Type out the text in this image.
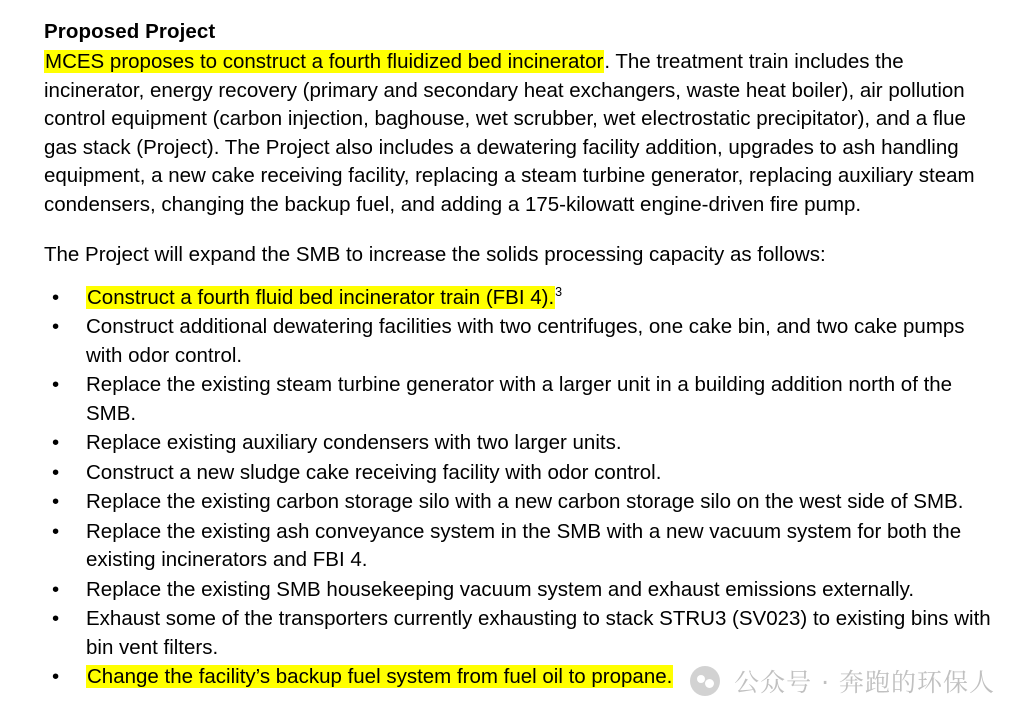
Proposed Project

MCES proposes to construct a fourth fluidized bed incinerator. The treatment train includes the incinerator, energy recovery (primary and secondary heat exchangers, waste heat boiler), air pollution control equipment (carbon injection, baghouse, wet scrubber, wet electrostatic precipitator), and a flue gas stack (Project). The Project also includes a dewatering facility addition, upgrades to ash handling equipment, a new cake receiving facility, replacing a steam turbine generator, replacing auxiliary steam condensers, changing the backup fuel, and adding a 175-kilowatt engine-driven fire pump.

The Project will expand the SMB to increase the solids processing capacity as follows:

• Construct a fourth fluid bed incinerator train (FBI 4).$^3$
• Construct additional dewatering facilities with two centrifuges, one cake bin, and two cake pumps with odor control.
• Replace the existing steam turbine generator with a larger unit in a building addition north of the SMB.
• Replace existing auxiliary condensers with two larger units.
• Construct a new sludge cake receiving facility with odor control.
• Replace the existing carbon storage silo with a new carbon storage silo on the west side of SMB.
• Replace the existing ash conveyance system in the SMB with a new vacuum system for both the existing incinerators and FBI 4.
• Replace the existing SMB housekeeping vacuum system and exhaust emissions externally.
• Exhaust some of the transporters currently exhausting to stack STRU3 (SV023) to existing bins with bin vent filters.
• Change the facility’s backup fuel system from fuel oil to propane.	公众号 · 奔跑的环保人
